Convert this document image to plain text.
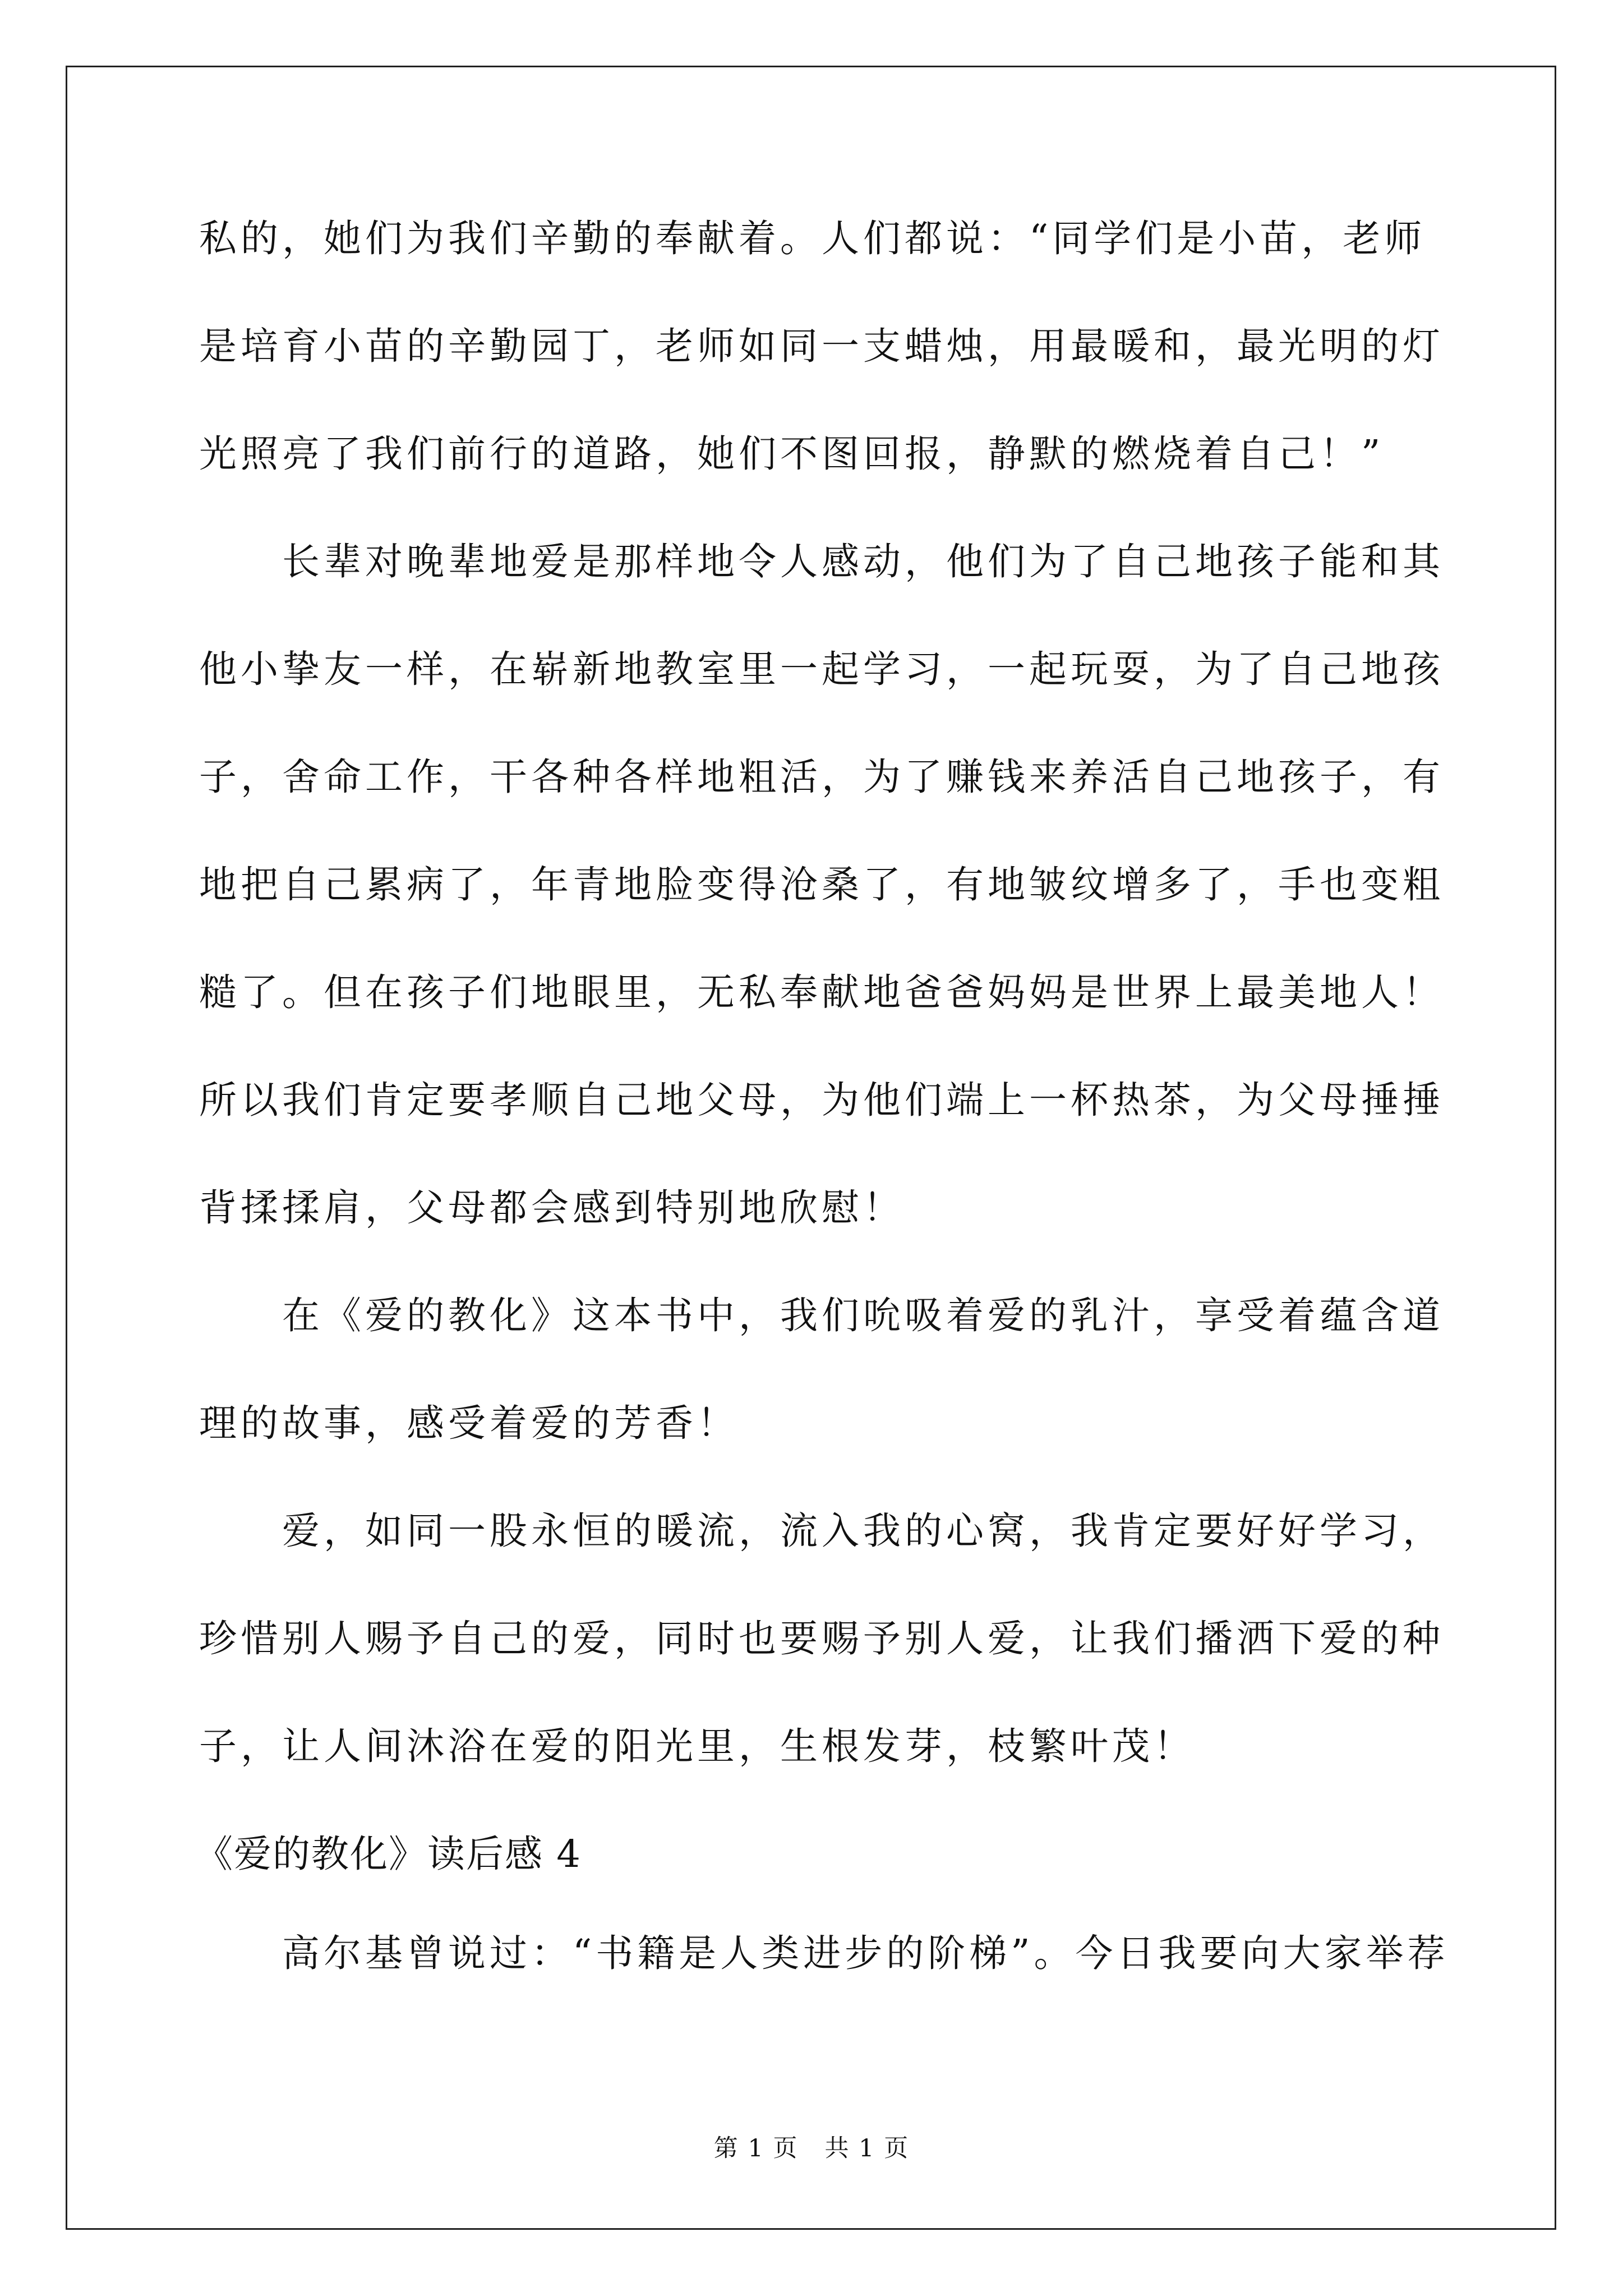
私的，她们为我们辛勤的奉献着。人们都说：“同学们是小苗，老师
是培育小苗的辛勤园丁，老师如同一支蜡烛，用最暖和，最光明的灯
光照亮了我们前行的道路，她们不图回报，静默的燃烧着自己！”
长辈对晚辈地爱是那样地令人感动，他们为了自己地孩子能和其
他小挚友一样，在崭新地教室里一起学习，一起玩耍，为了自己地孩
子，舍命工作，干各种各样地粗活，为了赚钱来养活自己地孩子，有
地把自己累病了，年青地脸变得沧桑了，有地皱纹增多了，手也变粗
糙了。但在孩子们地眼里，无私奉献地爸爸妈妈是世界上最美地人！
所以我们肯定要孝顺自己地父母，为他们端上一杯热茶，为父母捶捶
背揉揉肩，父母都会感到特别地欣慰！
在《爱的教化》这本书中，我们吮吸着爱的乳汁，享受着蕴含道
理的故事，感受着爱的芳香！
爱，如同一股永恒的暖流，流入我的心窝，我肯定要好好学习，
珍惜别人赐予自己的爱，同时也要赐予别人爱，让我们播洒下爱的种
子，让人间沐浴在爱的阳光里，生根发芽，枝繁叶茂！
《爱的教化》读后感 4
高尔基曾说过：“书籍是人类进步的阶梯”。今日我要向大家举荐
第 1 页 共 1 页
